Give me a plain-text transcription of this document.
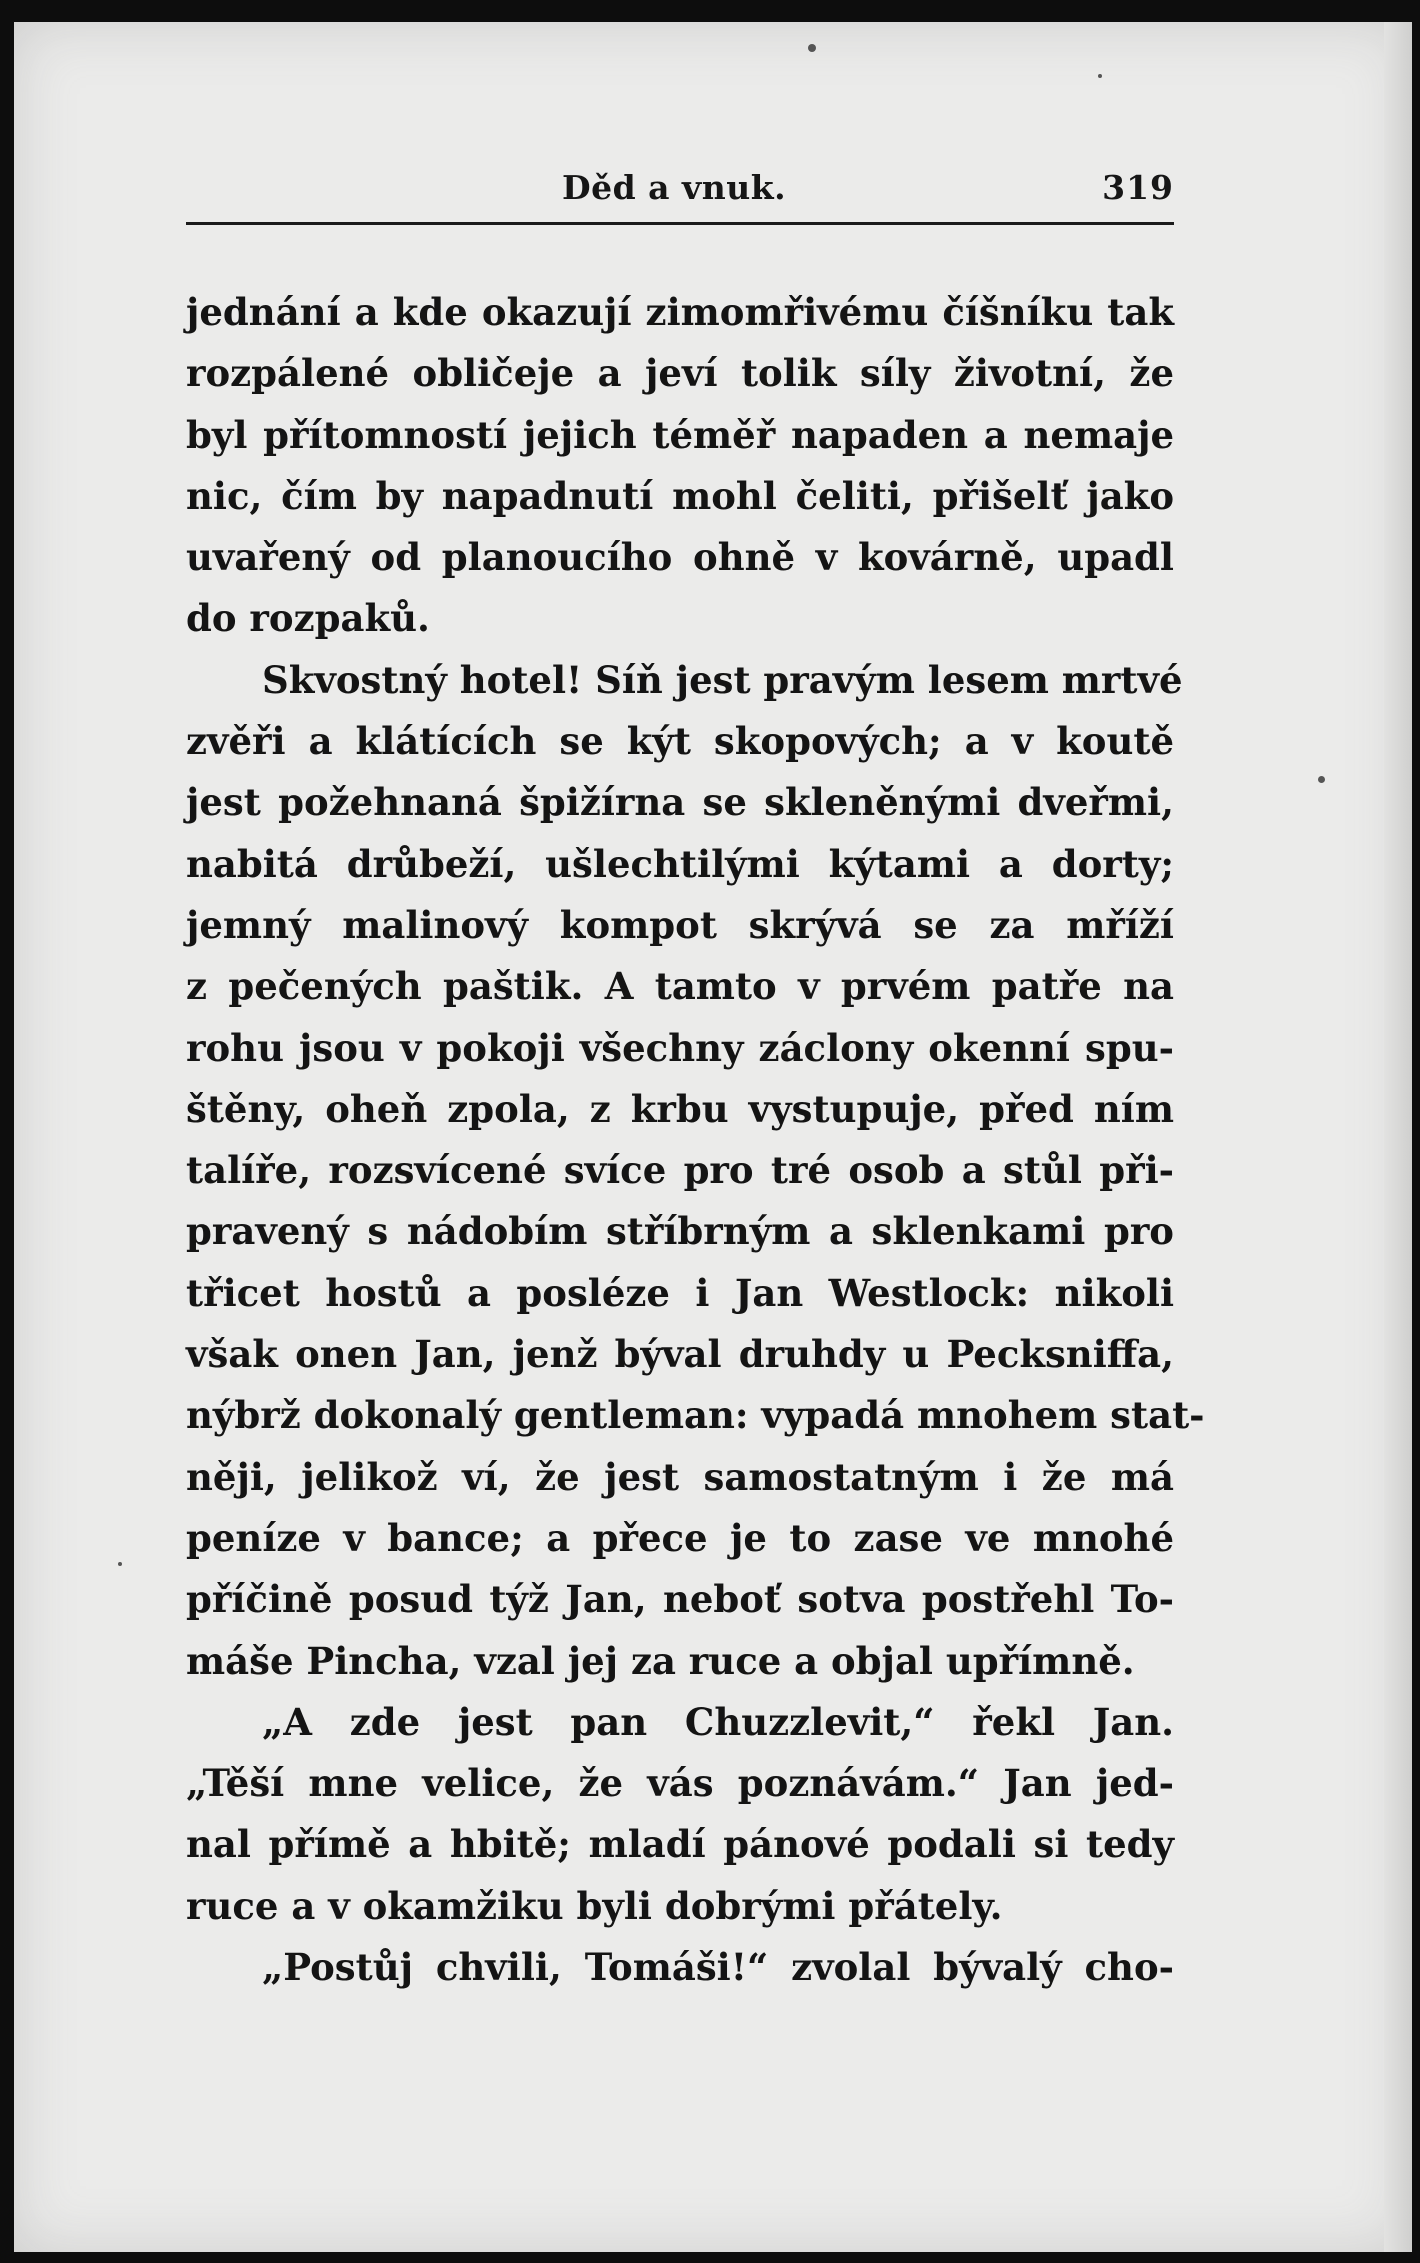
Děd a vnuk.	319
jednání a kde okazují zimomřivému číšníku tak
rozpálené obličeje a jeví tolik síly životní, že
byl přítomností jejich téměř napaden a nemaje
nic, čím by napadnutí mohl čeliti, přišelť jako
uvařený od planoucího ohně v kovárně, upadl
do rozpaků.
Skvostný hotel! Síň jest pravým lesem mrtvé
zvěři a klátících se kýt skopových; a v koutě
jest požehnaná špižírna se skleněnými dveřmi,
nabitá drůbeží, ušlechtilými kýtami a dorty;
jemný malinový kompot skrývá se za mříží
z pečených paštik. A tamto v prvém patře na
rohu jsou v pokoji všechny záclony okenní spu-
štěny, oheň zpola, z krbu vystupuje, před ním
talíře, rozsvícené svíce pro tré osob a stůl při-
pravený s nádobím stříbrným a sklenkami pro
třicet hostů a posléze i Jan Westlock: nikoli
však onen Jan, jenž býval druhdy u Pecksniffa,
nýbrž dokonalý gentleman: vypadá mnohem stat-
něji, jelikož ví, že jest samostatným i že má
peníze v bance; a přece je to zase ve mnohé
příčině posud týž Jan, neboť sotva postřehl To-
máše Pincha, vzal jej za ruce a objal upřímně.
„A zde jest pan Chuzzlevit,“ řekl Jan.
„Těší mne velice, že vás poznávám.“ Jan jed-
nal přímě a hbitě; mladí pánové podali si tedy
ruce a v okamžiku byli dobrými přátely.
„Postůj chvili, Tomáši!“ zvolal bývalý cho-
